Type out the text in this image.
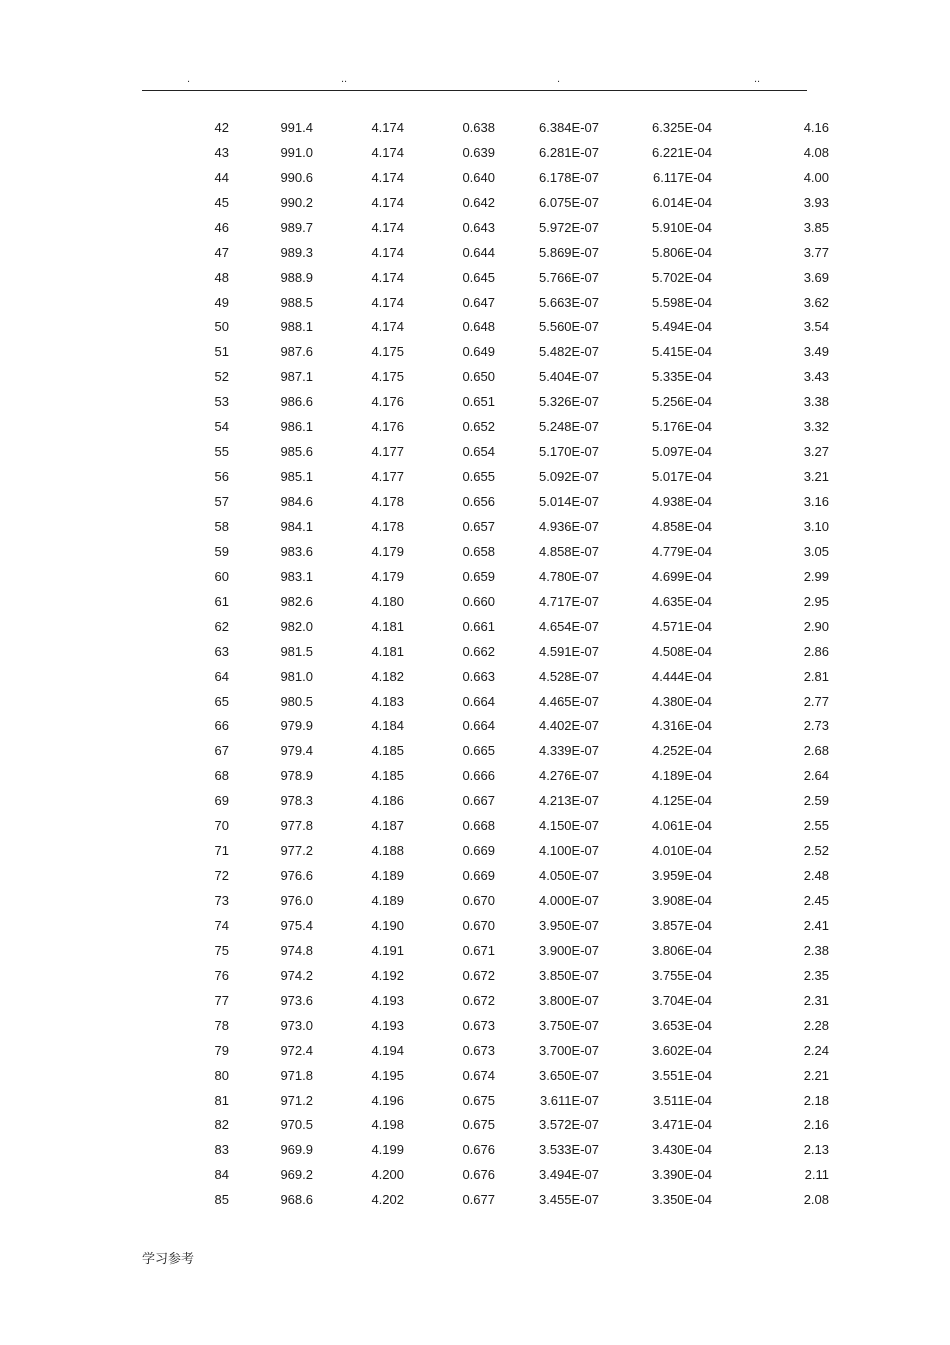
.	..	.	..
42	991.4	4.174	0.638	6.384E-07	6.325E-04	4.16	
43	991.0	4.174	0.639	6.281E-07	6.221E-04	4.08	
44	990.6	4.174	0.640	6.178E-07	6.117E-04	4.00	
45	990.2	4.174	0.642	6.075E-07	6.014E-04	3.93	
46	989.7	4.174	0.643	5.972E-07	5.910E-04	3.85	
47	989.3	4.174	0.644	5.869E-07	5.806E-04	3.77	
48	988.9	4.174	0.645	5.766E-07	5.702E-04	3.69	
49	988.5	4.174	0.647	5.663E-07	5.598E-04	3.62	
50	988.1	4.174	0.648	5.560E-07	5.494E-04	3.54	
51	987.6	4.175	0.649	5.482E-07	5.415E-04	3.49	
52	987.1	4.175	0.650	5.404E-07	5.335E-04	3.43	
53	986.6	4.176	0.651	5.326E-07	5.256E-04	3.38	
54	986.1	4.176	0.652	5.248E-07	5.176E-04	3.32	
55	985.6	4.177	0.654	5.170E-07	5.097E-04	3.27	
56	985.1	4.177	0.655	5.092E-07	5.017E-04	3.21	
57	984.6	4.178	0.656	5.014E-07	4.938E-04	3.16	
58	984.1	4.178	0.657	4.936E-07	4.858E-04	3.10	
59	983.6	4.179	0.658	4.858E-07	4.779E-04	3.05	
60	983.1	4.179	0.659	4.780E-07	4.699E-04	2.99	
61	982.6	4.180	0.660	4.717E-07	4.635E-04	2.95	
62	982.0	4.181	0.661	4.654E-07	4.571E-04	2.90	
63	981.5	4.181	0.662	4.591E-07	4.508E-04	2.86	
64	981.0	4.182	0.663	4.528E-07	4.444E-04	2.81	
65	980.5	4.183	0.664	4.465E-07	4.380E-04	2.77	
66	979.9	4.184	0.664	4.402E-07	4.316E-04	2.73	
67	979.4	4.185	0.665	4.339E-07	4.252E-04	2.68	
68	978.9	4.185	0.666	4.276E-07	4.189E-04	2.64	
69	978.3	4.186	0.667	4.213E-07	4.125E-04	2.59	
70	977.8	4.187	0.668	4.150E-07	4.061E-04	2.55	
71	977.2	4.188	0.669	4.100E-07	4.010E-04	2.52	
72	976.6	4.189	0.669	4.050E-07	3.959E-04	2.48	
73	976.0	4.189	0.670	4.000E-07	3.908E-04	2.45	
74	975.4	4.190	0.670	3.950E-07	3.857E-04	2.41	
75	974.8	4.191	0.671	3.900E-07	3.806E-04	2.38	
76	974.2	4.192	0.672	3.850E-07	3.755E-04	2.35	
77	973.6	4.193	0.672	3.800E-07	3.704E-04	2.31	
78	973.0	4.193	0.673	3.750E-07	3.653E-04	2.28	
79	972.4	4.194	0.673	3.700E-07	3.602E-04	2.24	
80	971.8	4.195	0.674	3.650E-07	3.551E-04	2.21	
81	971.2	4.196	0.675	3.611E-07	3.511E-04	2.18	
82	970.5	4.198	0.675	3.572E-07	3.471E-04	2.16	
83	969.9	4.199	0.676	3.533E-07	3.430E-04	2.13	
84	969.2	4.200	0.676	3.494E-07	3.390E-04	2.11	
85	968.6	4.202	0.677	3.455E-07	3.350E-04	2.08	
学习参考
